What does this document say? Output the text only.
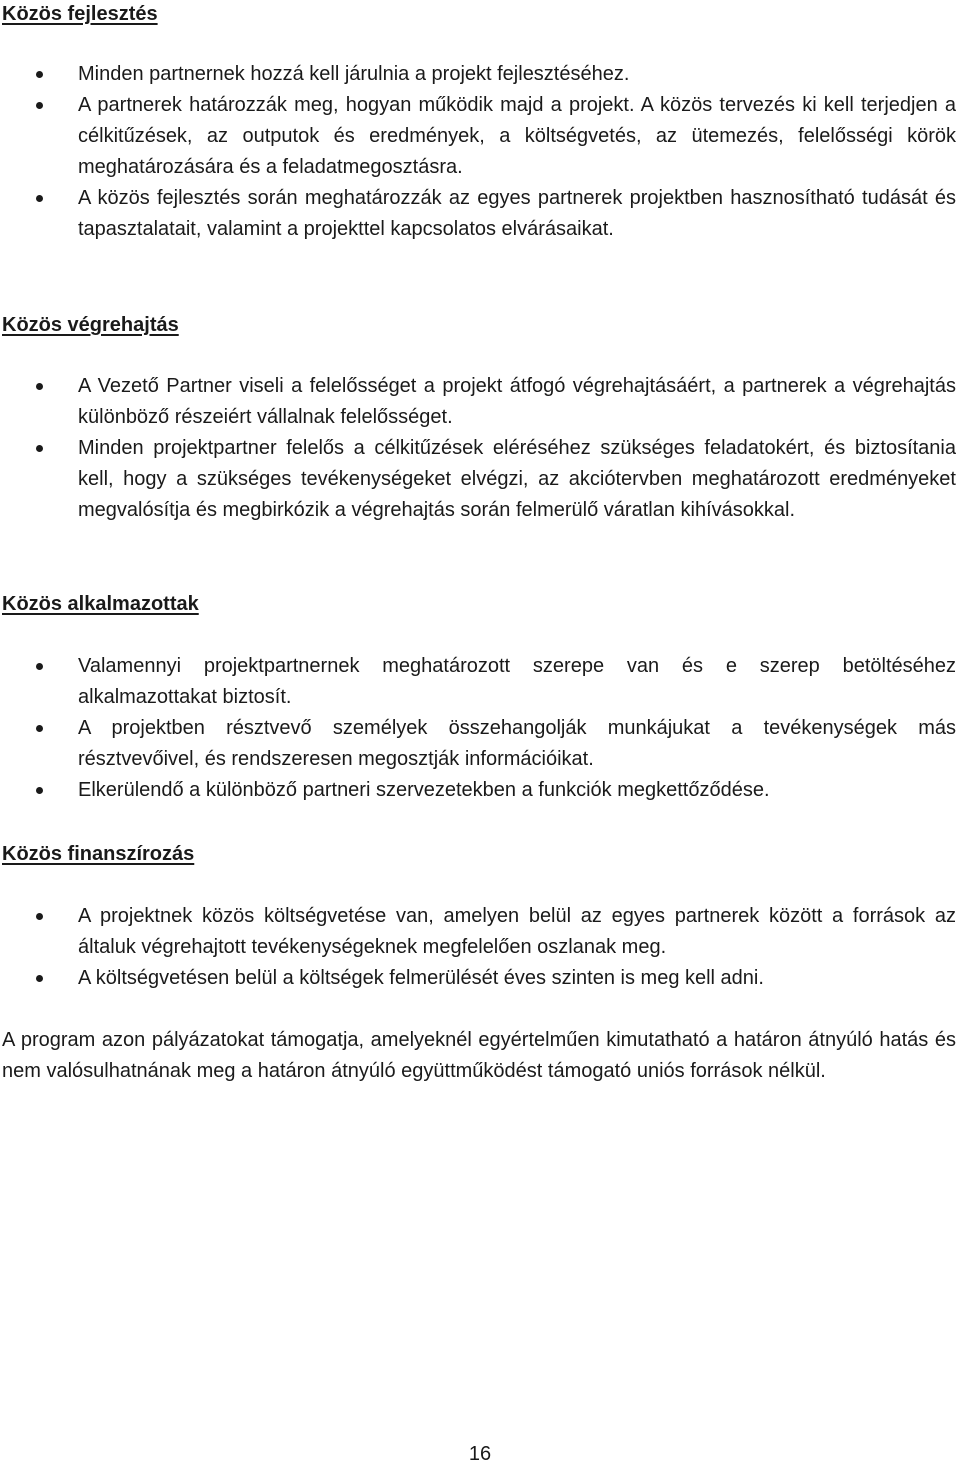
Közös fejlesztés
Minden partnernek hozzá kell járulnia a projekt fejlesztéséhez.
A partnerek határozzák meg, hogyan működik majd a projekt. A közös tervezés ki kell terjedjen a célkitűzések, az outputok és eredmények, a költségvetés, az ütemezés, felelősségi körök meghatározására és a feladatmegosztásra.
A közös fejlesztés során meghatározzák az egyes partnerek projektben hasznosítható tudását és tapasztalatait, valamint a projekttel kapcsolatos elvárásaikat.
Közös végrehajtás
A Vezető Partner viseli a felelősséget a projekt átfogó végrehajtásáért, a partnerek a végrehajtás különböző részeiért vállalnak felelősséget.
Minden projektpartner felelős a célkitűzések eléréséhez szükséges feladatokért, és biztosítania kell, hogy a szükséges tevékenységeket elvégzi, az akciótervben meghatározott eredményeket megvalósítja és megbirkózik a végrehajtás során felmerülő váratlan kihívásokkal.
Közös alkalmazottak
Valamennyi projektpartnernek meghatározott szerepe van és e szerep betöltéséhez alkalmazottakat biztosít.
A projektben résztvevő személyek összehangolják munkájukat a tevékenységek más résztvevőivel, és rendszeresen megosztják információikat.
Elkerülendő a különböző partneri szervezetekben a funkciók megkettőződése.
Közös finanszírozás
A projektnek közös költségvetése van, amelyen belül az egyes partnerek között a források az általuk végrehajtott tevékenységeknek megfelelően oszlanak meg.
A költségvetésen belül a költségek felmerülését éves szinten is meg kell adni.
A program azon pályázatokat támogatja, amelyeknél egyértelműen kimutatható a határon átnyúló hatás és nem valósulhatnának meg a határon átnyúló együttműködést támogató uniós források nélkül.
16
